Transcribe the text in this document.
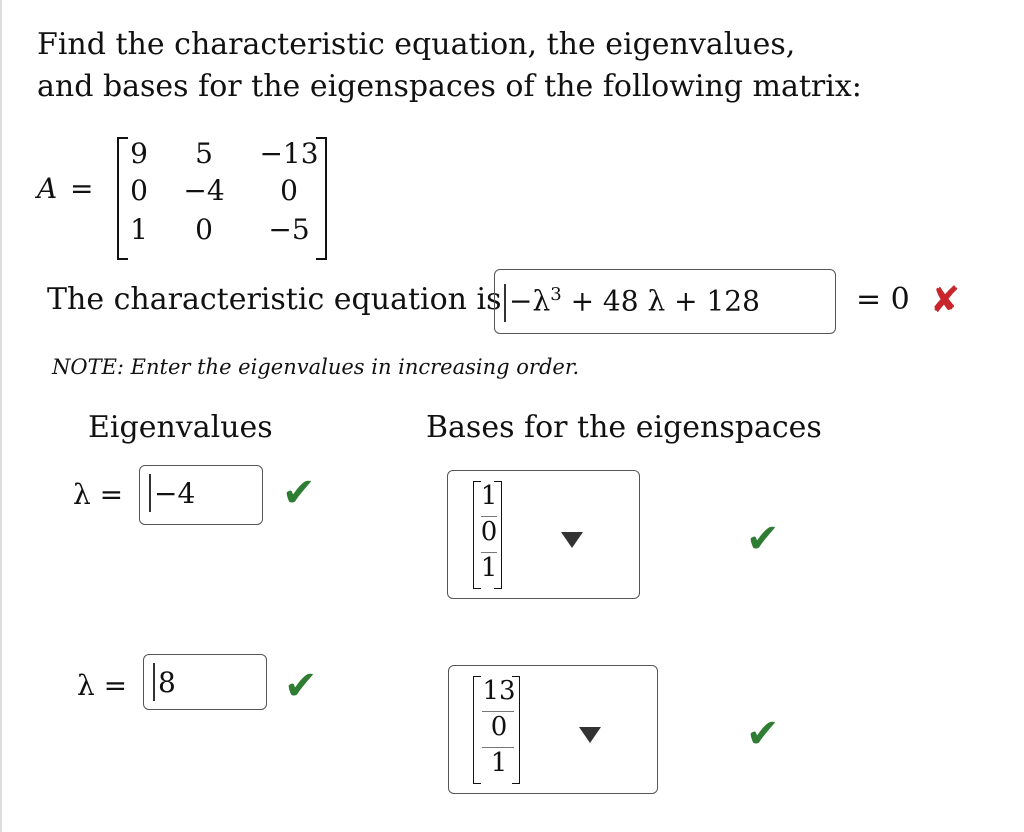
Find the characteristic equation, the eigenvalues,
and bases for the eigenspaces of the following matrix:
A =
9	5	−13
0	−4	0
1	0	−5
The characteristic equation is $-\lambda^3 + 48$ λ + 128	= 0 ✘
NOTE: Enter the eigenvalues in increasing order.
Eigenvalues	Bases for the eigenspaces
λ = −4 ✔	1
0
1
✔
λ = 8	✔	13
0
1
✔
